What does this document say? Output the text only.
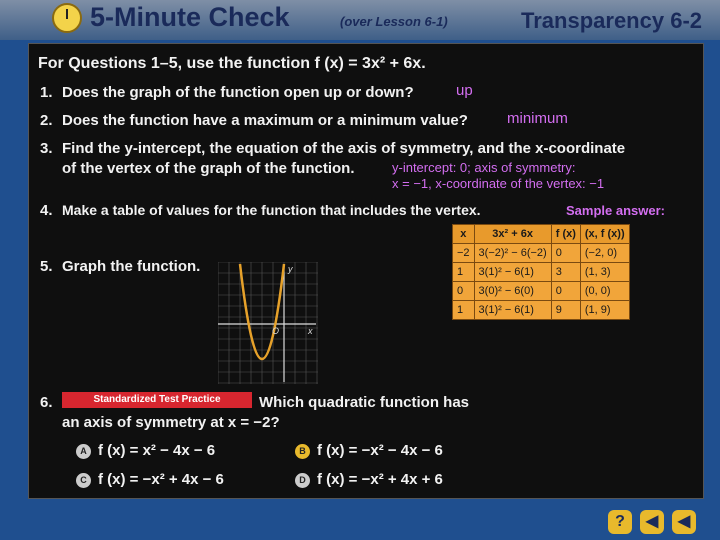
5-Minute Check	(over Lesson 6-1)	Transparency 6-2
For Questions 1–5, use the function f (x) = 3x² + 6x.
1. Does the graph of the function open up or down?	up
2. Does the function have a maximum or a minimum value?	minimum
3. Find the y-intercept, the equation of the axis of symmetry, and the x-coordinate
of the vertex of the graph of the function.	y-intercept: 0; axis of symmetry:
x = −1, x-coordinate of the vertex: −1
4. Make a table of values for the function that includes the vertex.	Sample answer:
x	3x² + 6x	f (x)	(x, f (x))
−2	3(−2)² − 6(−2)	0	(−2, 0)
1	3(1)² − 6(1)	3	(1, 3)
0	3(0)² − 6(0)	0	(0, 0)
1	3(1)² − 6(1)	9	(1, 9)
5. Graph the function.	y
x
O
6.	Standardized Test Practice	Which quadratic function has
an axis of symmetry at x = −2?
A f (x) = x² − 4x − 6	B f (x) = −x² − 4x − 6
C f (x) = −x² + 4x − 6	D f (x) = −x² + 4x + 6
?	◀	◀
